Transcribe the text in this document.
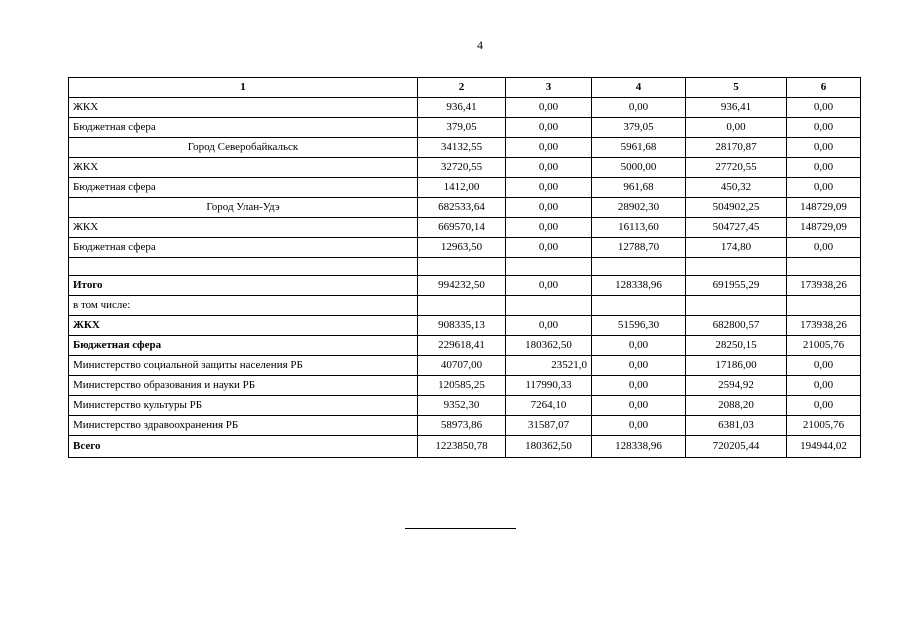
4
1	2	3	4	5	6
ЖКХ	936,41	0,00	0,00	936,41	0,00
Бюджетная сфера	379,05	0,00	379,05	0,00	0,00
Город Северобайкальск	34132,55	0,00	5961,68	28170,87	0,00
ЖКХ	32720,55	0,00	5000,00	27720,55	0,00
Бюджетная сфера	1412,00	0,00	961,68	450,32	0,00
Город Улан-Удэ	682533,64	0,00	28902,30	504902,25	148729,09
ЖКХ	669570,14	0,00	16113,60	504727,45	148729,09
Бюджетная сфера	12963,50	0,00	12788,70	174,80	0,00

Итого	994232,50	0,00	128338,96	691955,29	173938,26
в том числе:					
ЖКХ	908335,13	0,00	51596,30	682800,57	173938,26
Бюджетная сфера	229618,41	180362,50	0,00	28250,15	21005,76
Министерство социальной защиты населения РБ	40707,00	23521,0	0,00	17186,00	0,00
Министерство образования и науки РБ	120585,25	117990,33	0,00	2594,92	0,00
Министерство культуры РБ	9352,30	7264,10	0,00	2088,20	0,00
Министерство здравоохранения РБ	58973,86	31587,07	0,00	6381,03	21005,76
Всего	1223850,78	180362,50	128338,96	720205,44	194944,02
